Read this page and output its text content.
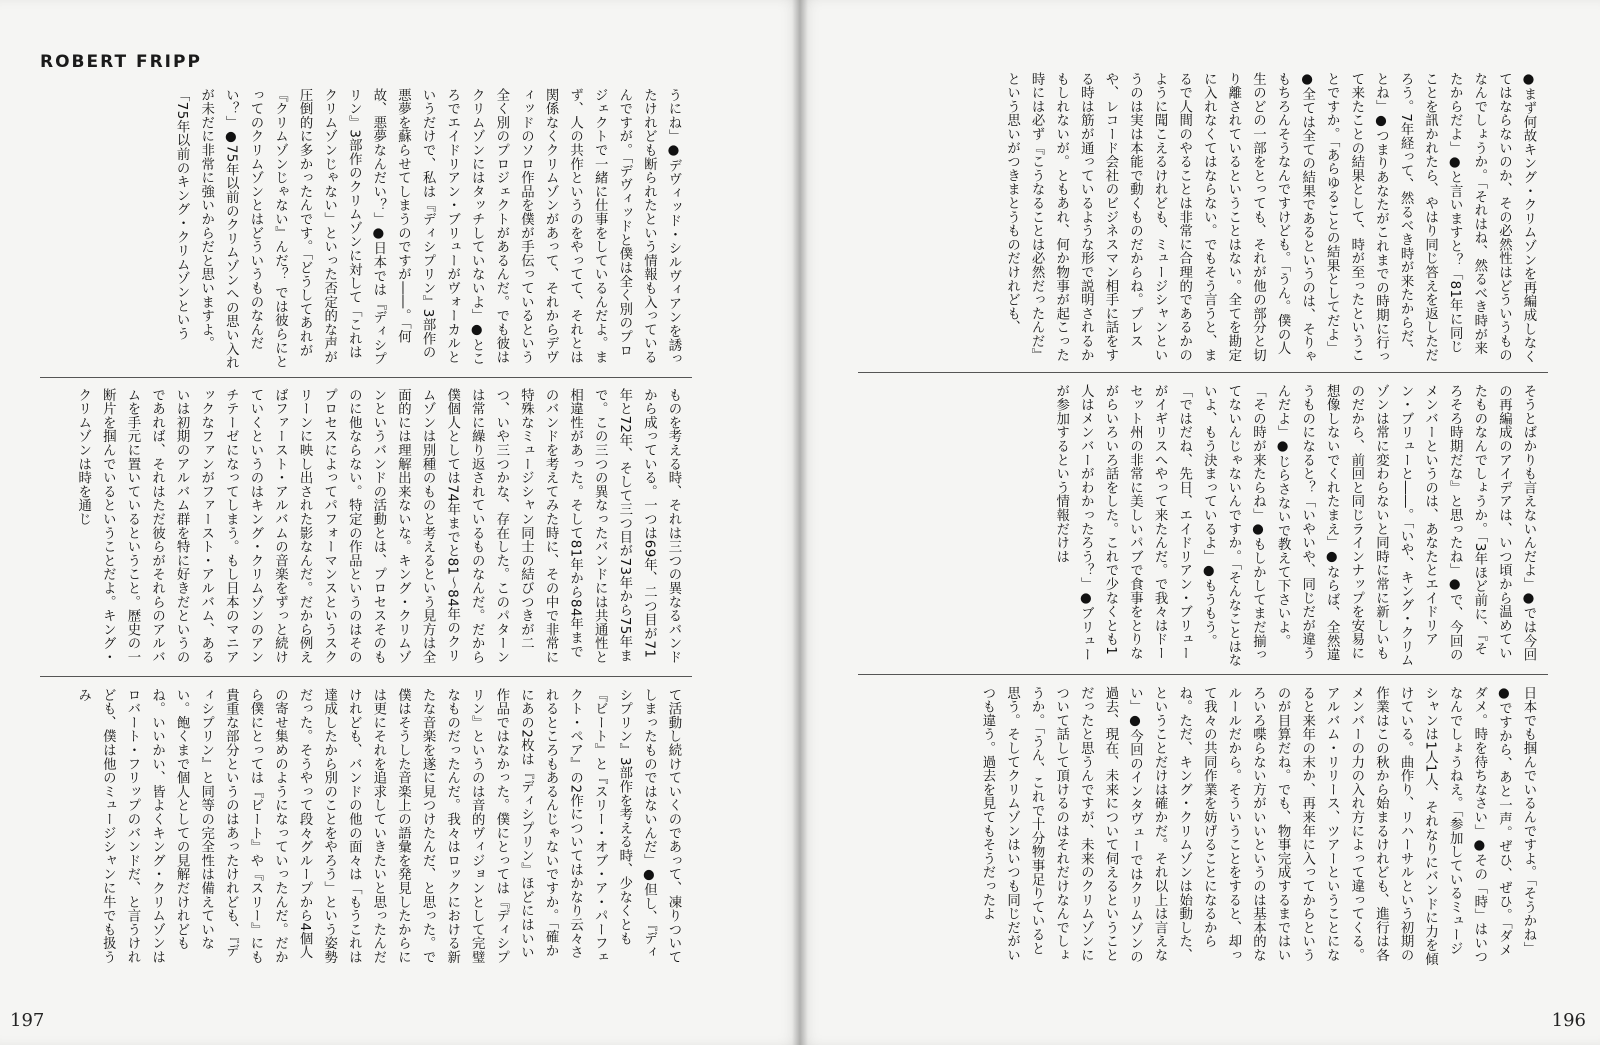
ROBERT FRIPP
うにね」●デヴィッド・シルヴィアンを誘ったけれども断られたという情報も入っているんですが。「デヴィッドと僕は全く別のプロジェクトで一緒に仕事をしているんだよ。まず、人の共作というのをやってて、それとは関係なくクリムゾンがあって、それからデヴィッドのソロ作品を僕が手伝っているという全く別のプロジェクトがあるんだ。でも彼はクリムゾンにはタッチしていないよ」●ところでエイドリアン・ブリューがヴォーカルというだけで、私は『ディシプリン』3部作の悪夢を蘇らせてしまうのですが――。「何故、悪夢なんだい？」●日本では『ディシプリン』3部作のクリムゾンに対して「これはクリムゾンじゃない」といった否定的な声が圧倒的に多かったんです。「どうしてあれが『クリムゾンじゃない』んだ？ では彼らにとってのクリムゾンとはどういうものなんだい？」●75年以前のクリムゾンへの思い入れが未だに非常に強いからだと思いますよ。「75年以前のキング・クリムゾンという
ものを考える時、それは三つの異なるバンドから成っている。一つは69年、二つ目が71年と72年、そして三つ目が73年から75年まで。この三つの異なったバンドには共通性と相違性があった。そして81年から84年までのバンドを考えてみた時に、その中で非常に特殊なミュージシャン同士の結びつきが二つ、いや三つかな、存在した。このパターンは常に繰り返されているものなんだ。だから僕個人としては74年までと81～84年のクリムゾンは別種のものと考えるという見方は全面的には理解出来ないな。キング・クリムゾンというバンドの活動とは、プロセスそのものに他ならない。特定の作品というのはそのプロセスによってパフォーマンスというスクリーンに映し出された影なんだ。だから例えばファースト・アルバムの音楽をずっと続けていくというのはキング・クリムゾンのアンチテーゼになってしまう。もし日本のマニアックなファンがファースト・アルバム、あるいは初期のアルバム群を特に好きだというのであれば、それはただ彼らがそれらのアルバムを手元に置いているということ。歴史の一断片を掴んでいるということだよ。キング・クリムゾンは時を通じ
て活動し続けていくのであって、凍りついてしまったものではないんだ」●但し、『ディシプリン』3部作を考える時、少なくとも『ビート』と『スリー・オブ・ア・パーフェクト・ペア』の2作についてはかなり云々されるところもあるんじゃないですか。「確かにあの2枚は『ディシプリン』ほどにはいい作品ではなかった。僕にとっては『ディシプリン』というのは音的ヴィジョンとして完璧なものだったんだ。我々はロックにおける新たな音楽を遂に見つけたんだ、と思った。で僕はそうした音楽上の語彙を発見したからには更にそれを追求していきたいと思ったんだけれども、バンドの他の面々は「もうこれは達成したから別のことをやろう」という姿勢だった。そうやって段々グループから4個人の寄せ集めのようになっていったんだ。だから僕にとっては『ビート』や『スリー』にも貴重な部分というのはあったけれども、『ディシプリン』と同等の完全性は備えていない。飽くまで個人としての見解だけれどもね。いいかい、皆よくキング・クリムゾンはロバート・フリップのバンドだ、と言うけれども、僕は他のミュージシャンに牛でも扱うみ
197
●まず何故キング・クリムゾンを再編成しなくてはならないのか、その必然性はどういうものなんでしょうか。「それはね、然るべき時が来たからだよ」●と言いますと？「81年に同じことを訊かれたら、やはり同じ答えを返しただろう。7年経って、然るべき時が来たからだ、とね」●つまりあなたがこれまでの時期に行って来たことの結果として、時が至ったということですか。「あらゆることの結果としてだよ」●全ては全ての結果であるというのは、そりゃもちろんそうなんですけども。「うん。僕の人生のどの一部をとっても、それが他の部分と切り離されているということはない。全てを勘定に入れなくてはならない。でもそう言うと、まるで人間のやることは非常に合理的であるかのように聞こえるけれども、ミュージシャンというのは実は本能で動くものだからね。プレスや、レコード会社のビジネスマン相手に話をする時は筋が通っているような形で説明されるかもしれないが。ともあれ、何か物事が起こった時には必ず『こうなることは必然だったんだ』という思いがつきまとうものだけれども、
そうとばかりも言えないんだよ」●では今回の再編成のアイデアは、いつ頃から温めていたものなんでしょうか。「3年ほど前に、『そろそろ時期だな』と思ったね」●で、今回のメンバーというのは、あなたとエイドリアン・ブリューと――。「いや、キング・クリムゾンは常に変わらないと同時に常に新しいものだから、前回と同じラインナップを安易に想像しないでくれたまえ」●ならば、全然違うものになると？「いやいや、同じだが違うんだよ」●じらさないで教えて下さいよ。「その時が来たらね」●もしかしてまだ揃ってないんじゃないんですか。「そんなことはないよ、もう決まっているよ」●もうもう。「ではだね、先日、エイドリアン・ブリューがイギリスへやって来たんだ。で我々はドーセット州の非常に美しいパブで食事をとりながらいろいろ話をした。これで少なくとも1人はメンバーがわかったろう？」●ブリューが参加するという情報だけは
日本でも掴んでいるんですよ。「そうかね」●ですから、あと一声。ぜひ、ぜひ。「ダメダメ。時を待ちなさい」●その「時」はいつなんでしょうねえ。「参加しているミュージシャンは1人1人、それなりにバンドに力を傾けている。曲作り、リハーサルという初期の作業はこの秋から始まるけれども、進行は各メンバーの力の入れ方によって違ってくる。アルバム・リリース、ツアーということになると来年の末か、再来年に入ってからというのが目算だね。でも、物事完成するまではいろいろ喋らない方がいいというのは基本的なルールだから。そういうことをすると、却って我々の共同作業を妨げることになるからね。ただ、キング・クリムゾンは始動した、ということだけは確かだ。それ以上は言えない」●今回のインタヴューではクリムゾンの過去、現在、未来について伺えるということだったと思うんですが、未来のクリムゾンについて話して頂けるのはそれだけなんでしょうか。「うん、これで十分物事足りていると思う。そしてクリムゾンはいつも同じだがいつも違う。過去を見てもそうだったよ
196
